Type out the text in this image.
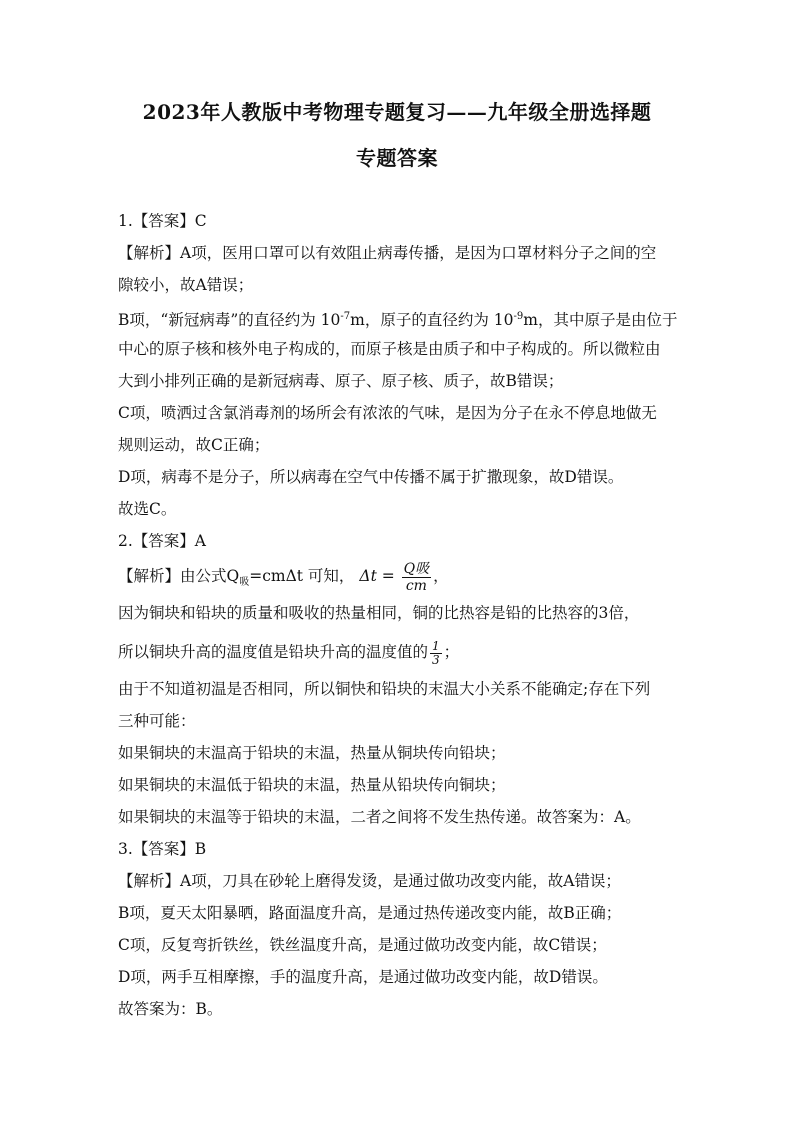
2023年人教版中考物理专题复习——九年级全册选择题
专题答案
1.【答案】C
【解析】A项，医用口罩可以有效阻止病毒传播，是因为口罩材料分子之间的空
隙较小，故A错误；
B项，“新冠病毒”的直径约为 $10^{-7}m$，原子的直径约为 $10^{-9}m$，其中原子是由位于
中心的原子核和核外电子构成的，而原子核是由质子和中子构成的。所以微粒由
大到小排列正确的是新冠病毒、原子、原子核、质子，故B错误；
C项，喷洒过含氯消毒剂的场所会有浓浓的气味，是因为分子在永不停息地做无
规则运动，故C正确；
D项，病毒不是分子，所以病毒在空气中传播不属于扩撒现象，故D错误。
故选C。
2.【答案】A
【解析】由公式$Q_吸=cm\Delta t$ 可知， $\Delta t = \frac{\text{Q吸}}{cm}$ ，
因为铜块和铅块的质量和吸收的热量相同，铜的比热容是铅的比热容的3倍，
所以铜块升高的温度值是铅块升高的温度值的 $\frac{1}{3}$ ；
由于不知道初温是否相同，所以铜快和铅块的末温大小关系不能确定;存在下列
三种可能：
如果铜块的末温高于铅块的末温，热量从铜块传向铅块；
如果铜块的末温低于铅块的末温，热量从铅块传向铜块；
如果铜块的末温等于铅块的末温，二者之间将不发生热传递。故答案为：A。
3.【答案】B
【解析】A项，刀具在砂轮上磨得发烫，是通过做功改变内能，故A错误；
B项，夏天太阳暴晒，路面温度升高，是通过热传递改变内能，故B正确；
C项，反复弯折铁丝，铁丝温度升高，是通过做功改变内能，故C错误；
D项，两手互相摩擦，手的温度升高，是通过做功改变内能，故D错误。
故答案为：B。
